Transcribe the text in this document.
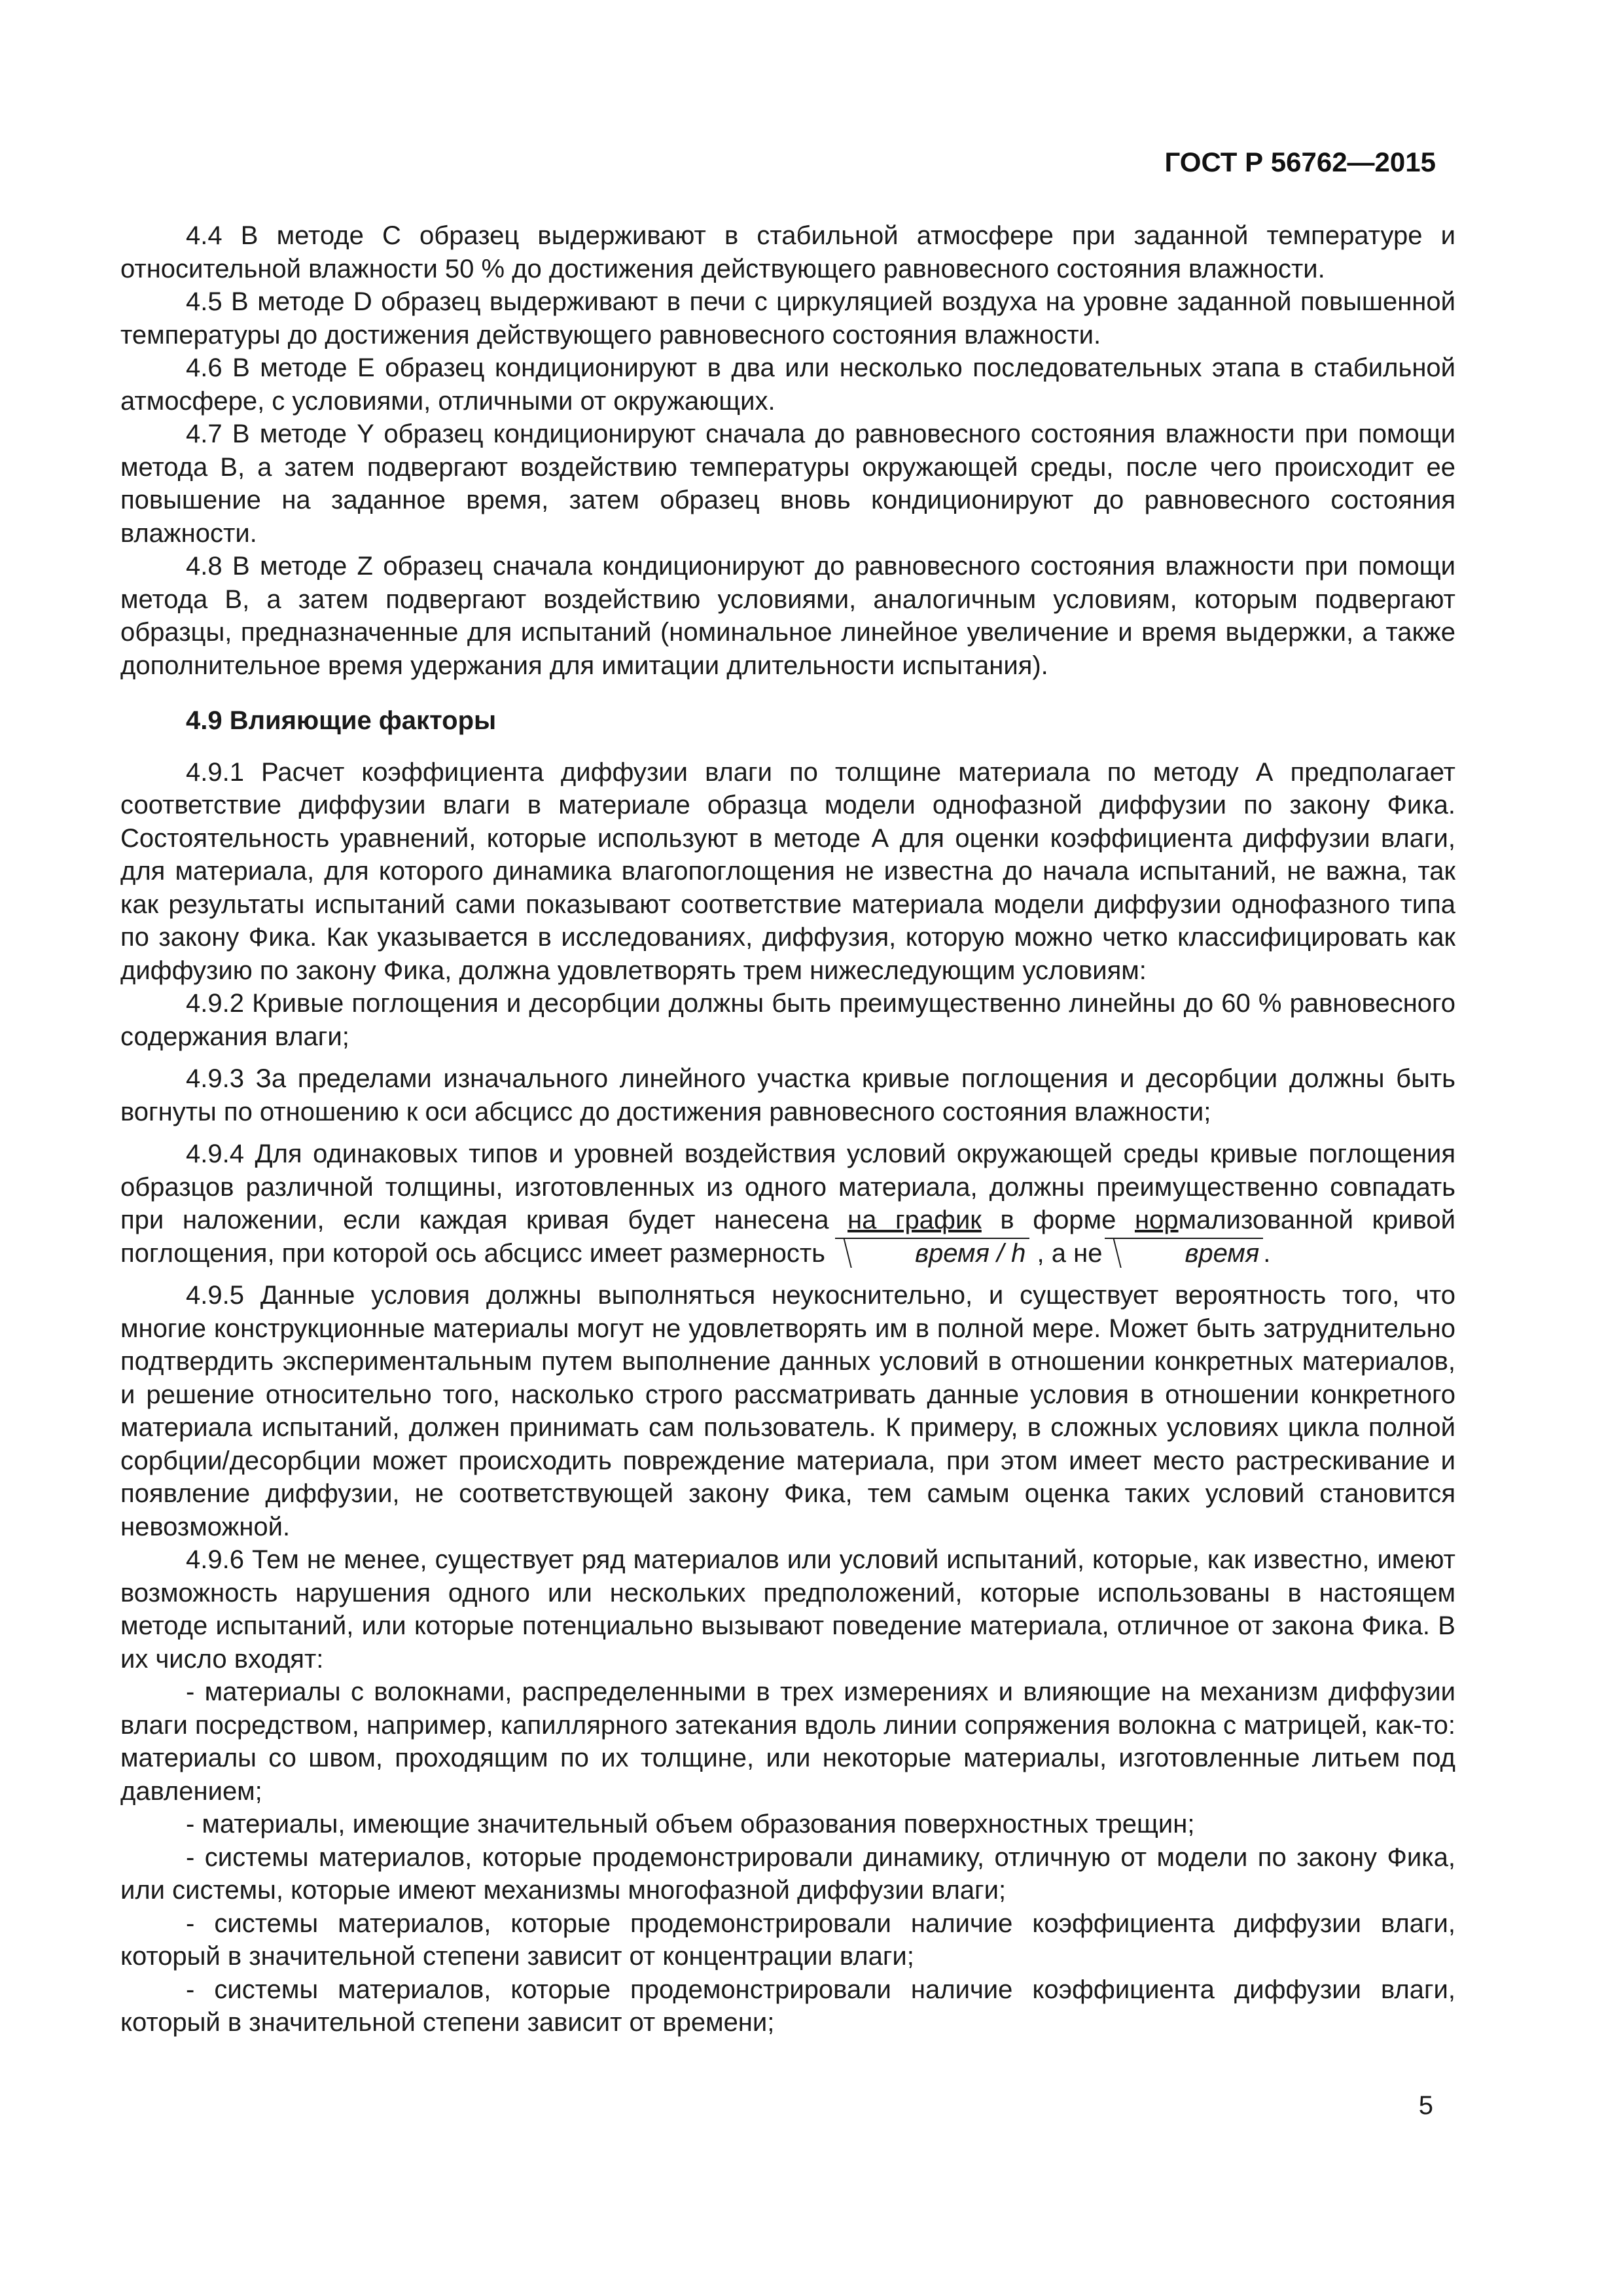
ГОСТ Р 56762—2015

4.4 В методе С образец выдерживают в стабильной атмосфере при заданной температуре и относительной влажности 50 % до достижения действующего равновесного состояния влажности.

4.5 В методе D образец выдерживают в печи с циркуляцией воздуха на уровне заданной повышенной температуры до достижения действующего равновесного состояния влажности.

4.6 В методе Е образец кондиционируют в два или несколько последовательных этапа в стабильной атмосфере, с условиями, отличными от окружающих.

4.7 В методе Y образец кондиционируют сначала до равновесного состояния влажности при помощи метода В, а затем подвергают воздействию температуры окружающей среды, после чего происходит ее повышение на заданное время, затем образец вновь кондиционируют до равновесного состояния влажности.

4.8 В методе Z образец сначала кондиционируют до равновесного состояния влажности при помощи метода В, а затем подвергают воздействию условиями, аналогичным условиям, которым подвергают образцы, предназначенные для испытаний (номинальное линейное увеличение и время выдержки, а также дополнительное время удержания для имитации длительности испытания).

4.9 Влияющие факторы

4.9.1 Расчет коэффициента диффузии влаги по толщине материала по методу А предполагает соответствие диффузии влаги в материале образца модели однофазной диффузии по закону Фика. Состоятельность уравнений, которые используют в методе А для оценки коэффициента диффузии влаги, для материала, для которого динамика влагопоглощения не известна до начала испытаний, не важна, так как результаты испытаний сами показывают соответствие материала модели диффузии однофазного типа по закону Фика. Как указывается в исследованиях, диффузия, которую можно четко классифицировать как диффузию по закону Фика, должна удовлетворять трем нижеследующим условиям:

4.9.2 Кривые поглощения и десорбции должны быть преимущественно линейны до 60 % равновесного содержания влаги;

4.9.3 За пределами изначального линейного участка кривые поглощения и десорбции должны быть вогнуты по отношению к оси абсцисс до достижения равновесного состояния влажности;

4.9.4 Для одинаковых типов и уровней воздействия условий окружающей среды кривые поглощения образцов различной толщины, изготовленных из одного материала, должны преимущественно совпадать при наложении, если каждая кривая будет нанесена на график в форме нормализованной кривой поглощения, при которой ось абсцисс имеет размерность	время / h , а не	время .

4.9.5 Данные условия должны выполняться неукоснительно, и существует вероятность того, что многие конструкционные материалы могут не удовлетворять им в полной мере. Может быть затруднительно подтвердить экспериментальным путем выполнение данных условий в отношении конкретных материалов, и решение относительно того, насколько строго рассматривать данные условия в отношении конкретного материала испытаний, должен принимать сам пользователь. К примеру, в сложных условиях цикла полной сорбции/десорбции может происходить повреждение материала, при этом имеет место растрескивание и появление диффузии, не соответствующей закону Фика, тем самым оценка таких условий становится невозможной.

4.9.6 Тем не менее, существует ряд материалов или условий испытаний, которые, как известно, имеют возможность нарушения одного или нескольких предположений, которые использованы в настоящем методе испытаний, или которые потенциально вызывают поведение материала, отличное от закона Фика. В их число входят:

- материалы с волокнами, распределенными в трех измерениях и влияющие на механизм диффузии влаги посредством, например, капиллярного затекания вдоль линии сопряжения волокна с матрицей, как-то: материалы со швом, проходящим по их толщине, или некоторые материалы, изготовленные литьем под давлением;

- материалы, имеющие значительный объем образования поверхностных трещин;

- системы материалов, которые продемонстрировали динамику, отличную от модели по закону Фика, или системы, которые имеют механизмы многофазной диффузии влаги;

- системы материалов, которые продемонстрировали наличие коэффициента диффузии влаги, который в значительной степени зависит от концентрации влаги;

- системы материалов, которые продемонстрировали наличие коэффициента диффузии влаги, который в значительной степени зависит от времени;

5
